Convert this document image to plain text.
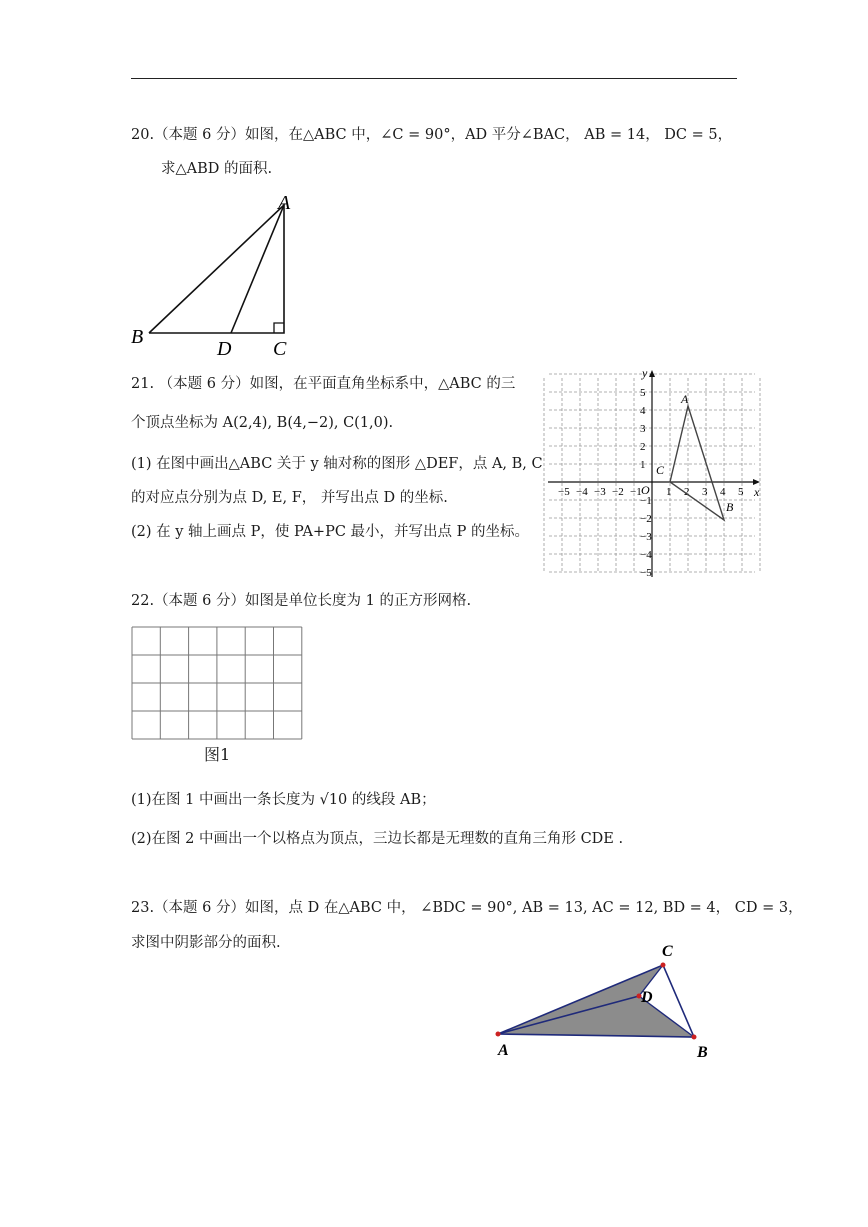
20.（本题 6 分）如图，在△ABC 中，∠C = 90°，AD 平分∠BAC， AB = 14， DC = 5，
求△ABD 的面积.
A
B
D C
21. （本题 6 分）如图，在平面直角坐标系中，△ABC 的三
个顶点坐标为 A(2,4), B(4,−2), C(1,0).
(1) 在图中画出△ABC 关于 y 轴对称的图形 △DEF，点 A, B, C
的对应点分别为点 D, E, F， 并写出点 D 的坐标.
(2) 在 y 轴上画点 P，使 PA+PC 最小，并写出点 P 的坐标。
x
y
O
−5 −4 −3 −2 −1 1 2 3 4 5
5
4
3
2
1
−1
−2
−3
−4
−5
A
B
C
22.（本题 6 分）如图是单位长度为 1 的正方形网格.
图1
(1)在图 1 中画出一条长度为 √10 的线段 AB；
(2)在图 2 中画出一个以格点为顶点，三边长都是无理数的直角三角形 CDE .
23.（本题 6 分）如图，点 D 在△ABC 中， ∠BDC = 90°, AB = 13, AC = 12, BD = 4， CD = 3，
求图中阴影部分的面积.	C
D
A	B
